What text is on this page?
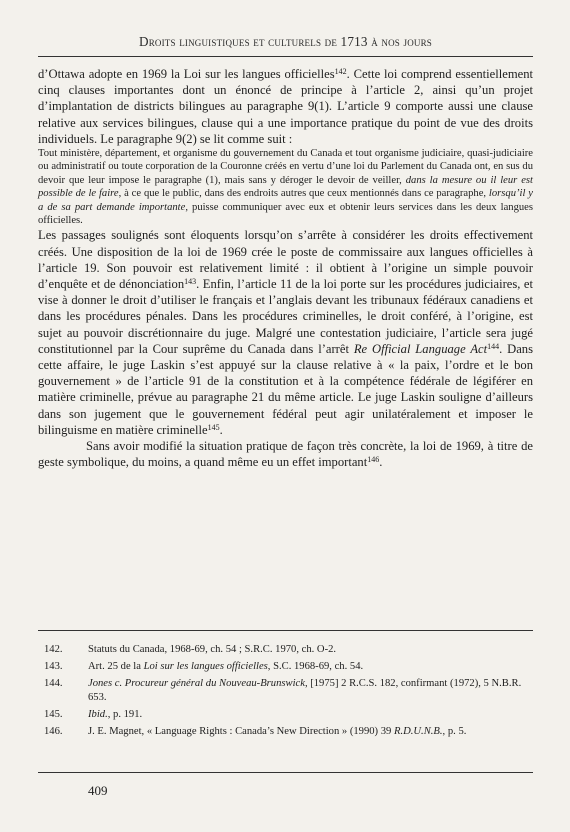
Droits linguistiques et culturels de 1713 à nos jours

d’Ottawa adopte en 1969 la Loi sur les langues officielles$^{142}$. Cette loi comprend essentiellement cinq clauses importantes dont un énoncé de principe à l’article 2, ainsi qu’un projet d’implantation de districts bilingues au paragraphe 9(1). L’article 9 comporte aussi une clause relative aux services bilingues, clause qui a une importance pratique du point de vue des droits individuels. Le paragraphe 9(2) se lit comme suit :

Tout ministère, département, et organisme du gouvernement du Canada et tout organisme judiciaire, quasi-judiciaire ou administratif ou toute corporation de la Couronne créés en vertu d’une loi du Parlement du Canada ont, en sus du devoir que leur impose le paragraphe (1), mais sans y déroger le devoir de veiller, dans la mesure ou il leur est possible de le faire, à ce que le public, dans des endroits autres que ceux mentionnés dans ce paragraphe, lorsqu’il y a de sa part demande importante, puisse communiquer avec eux et obtenir leurs services dans les deux langues officielles.

Les passages soulignés sont éloquents lorsqu’on s’arrête à considérer les droits effectivement créés. Une disposition de la loi de 1969 crée le poste de commissaire aux langues officielles à l’article 19. Son pouvoir est relativement limité : il obtient à l’origine un simple pouvoir d’enquête et de dénonciation$^{143}$. Enfin, l’article 11 de la loi porte sur les procédures judiciaires, et vise à donner le droit d’utiliser le français et l’anglais devant les tribunaux fédéraux canadiens et dans les procédures pénales. Dans les procédures criminelles, le droit conféré, à l’origine, est sujet au pouvoir discrétionnaire du juge. Malgré une contestation judiciaire, l’article sera jugé constitutionnel par la Cour suprême du Canada dans l’arrêt Re Official Language Act$^{144}$. Dans cette affaire, le juge Laskin s’est appuyé sur la clause relative à « la paix, l’ordre et le bon gouvernement » de l’article 91 de la constitution et à la compétence fédérale de légiférer en matière criminelle, prévue au paragraphe 21 du même article. Le juge Laskin souligne d’ailleurs dans son jugement que le gouvernement fédéral peut agir unilatéralement et imposer le bilinguisme en matière criminelle$^{145}$.

Sans avoir modifié la situation pratique de façon très concrète, la loi de 1969, à titre de geste symbolique, du moins, a quand même eu un effet important$^{146}$.

142.	Statuts du Canada, 1968-69, ch. 54 ; S.R.C. 1970, ch. O-2.
143.	Art. 25 de la Loi sur les langues officielles, S.C. 1968-69, ch. 54.
144.	Jones c. Procureur général du Nouveau-Brunswick, [1975] 2 R.C.S. 182, confirmant (1972), 5 N.B.R. 653.
145.	Ibid., p. 191.
146.	J. E. Magnet, « Language Rights : Canada’s New Direction » (1990) 39 R.D.U.N.B., p. 5.
409
